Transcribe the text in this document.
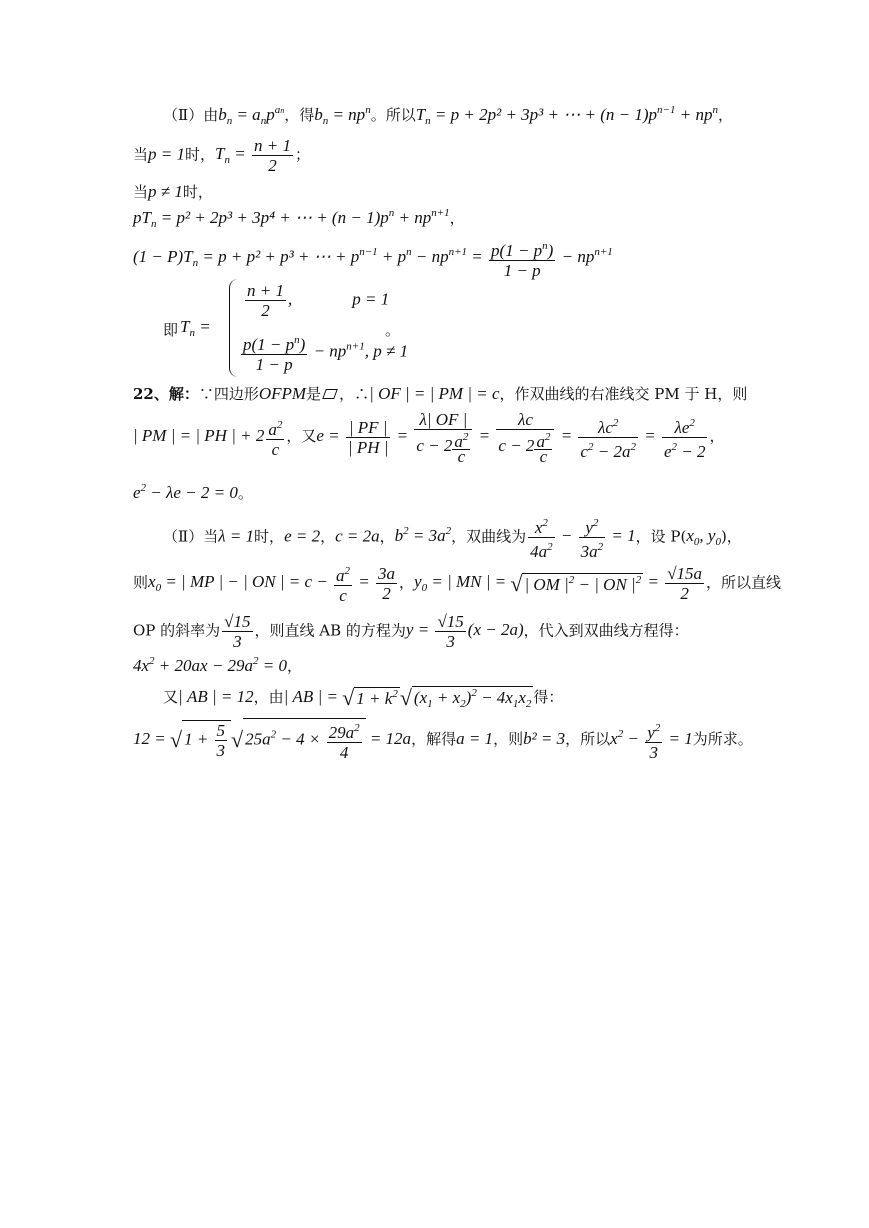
（Ⅱ）由$b_n = a_np^{an}$，得$b_n = np^n$。所以$T_n = p + 2p^2 + 3p^3$ + ⋯ + $(n - 1)p^{n-1} + np^n$，
当p = 1时，$T_n = \frac{n + 1}{2}$ ；
当p ≠ 1时，
$pT_n = p^2 + 2p^3 + 3p^4$ + ⋯ + $(n - 1)p^n + np^{n+1}$，
$(1 - P)T_n = p + p^2 + p^3$ + ⋯ + $p^{n-1} + p^n - np^{n+1} = \frac{p(1 - p^n)}{1 - p} - np^{n+1}$
即 $T_n$ =
$\frac{n + 1}{2}$ ,	p = 1
$\frac{p(1 - p^n)}{1 - p} - np^{n+1}$, p ≠ 1
。
22、解：∵四边形OFPM是 ，∴| OF | = | PM | = c，作双曲线的右准线交 PM 于 H，则
| PM | = | PH | + $2 \frac{a^2}{c}$ ，又$e = \frac{| PF |}{| PH |} = \frac{\lambda| OF |}{c - 2 \frac{a^2}{c}} = \frac{\lambda c}{c - 2 \frac{a^2}{c}} = \frac{\lambda c^2}{c^2 - 2a^2} = \frac{\lambda e^2}{e^2 - 2}$ ，
$e^2 - \lambda e - 2 = 0$。
（Ⅱ）当λ = 1时，e = 2，c = 2a，$b^2 = 3a^2$，双曲线为 $\frac{x^2}{4a^2} - \frac{y^2}{3a^2} = 1$，设 $P(x_0$, $y_0$)，
则$x_0$ = | MP | − | ON | = $c - \frac{a^2}{c} = \frac{3a}{2}$ ，$y_0$ = | MN | = √ | OM $|^2$ − | ON $|^2 = \frac{√15a}{2}$ ，所以直线
OP 的斜率为 $\frac{√15}{3}$ ，则直线 AB 的方程为$y = \frac{√15}{3} (x - 2a)$，代入到双曲线方程得：
$4x^2 + 20ax - 29a^2 = 0$，
又| AB | = 12，由| AB | = √ $1 + k^2√$ $(x_1 + x_2)^2 - 4x_1x_2$ 得：
12 = √ $1 + \frac{5}{3}$ √ $25a^2 - 4 \times \frac{29a^2}{4} = 12a$，解得a = 1，则b² = 3，所以$x^2 - \frac{y^2}{3} = 1$为所求。
